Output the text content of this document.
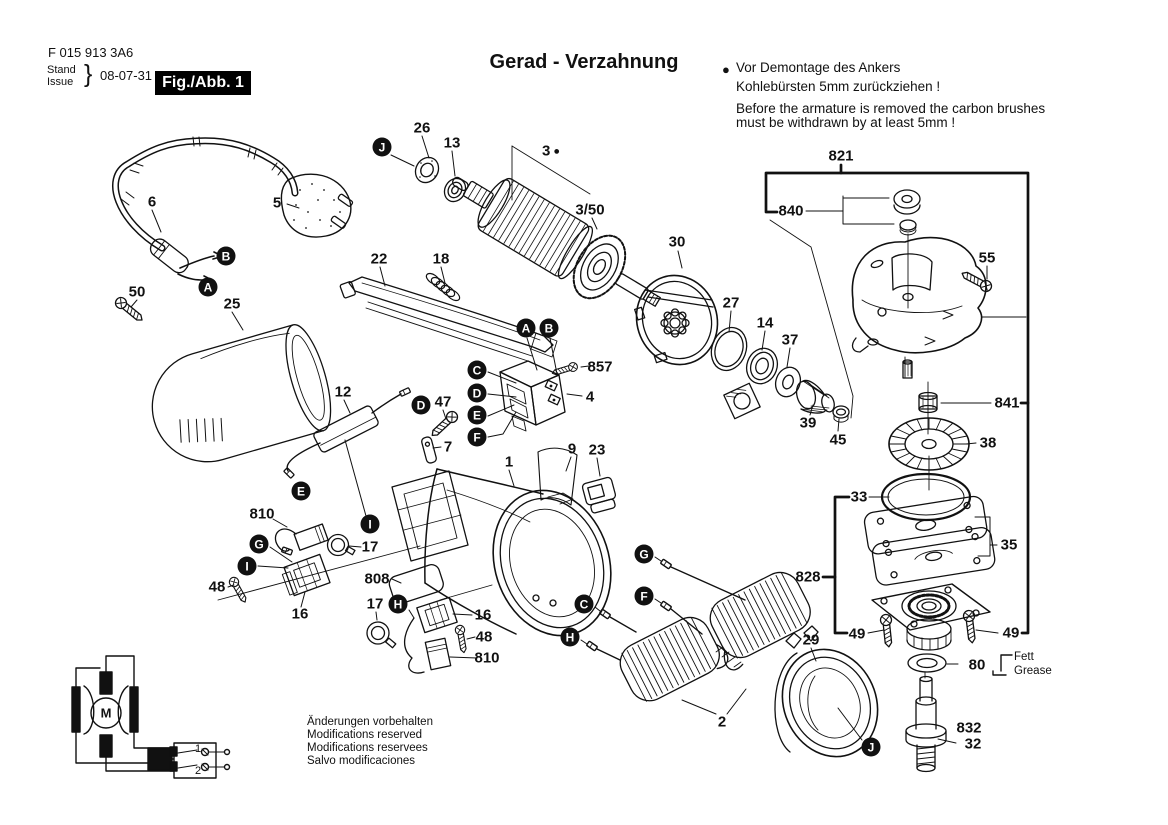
F 015 913 3A6
Stand
Issue } 08-07-31 Fig./Abb. 1
Gerad - Verzahnung	● Vor Demontage des Ankers
Kohlebürsten 5mm zurückziehen !
Before the armature is removed the carbon brushes
must be withdrawn by at least 5mm !
Änderungen vorbehalten
Modifications reserved
Modifications reservees
Salvo modificaciones
Fett
Grease
M
1
2
26
13	3 ●
3/50
30
27
14
37
39
45
821
840
55
841
38
33
35
828
49	49
80
832
32
29
2
22	18
857
4
47
7
12
25
50
6	5
810
17
48
16
808
17
16
48
810
9 23
1
J
B
A
A	B
C
D
E
F
D
E
I
G
I
H
G
F
C
H
J
